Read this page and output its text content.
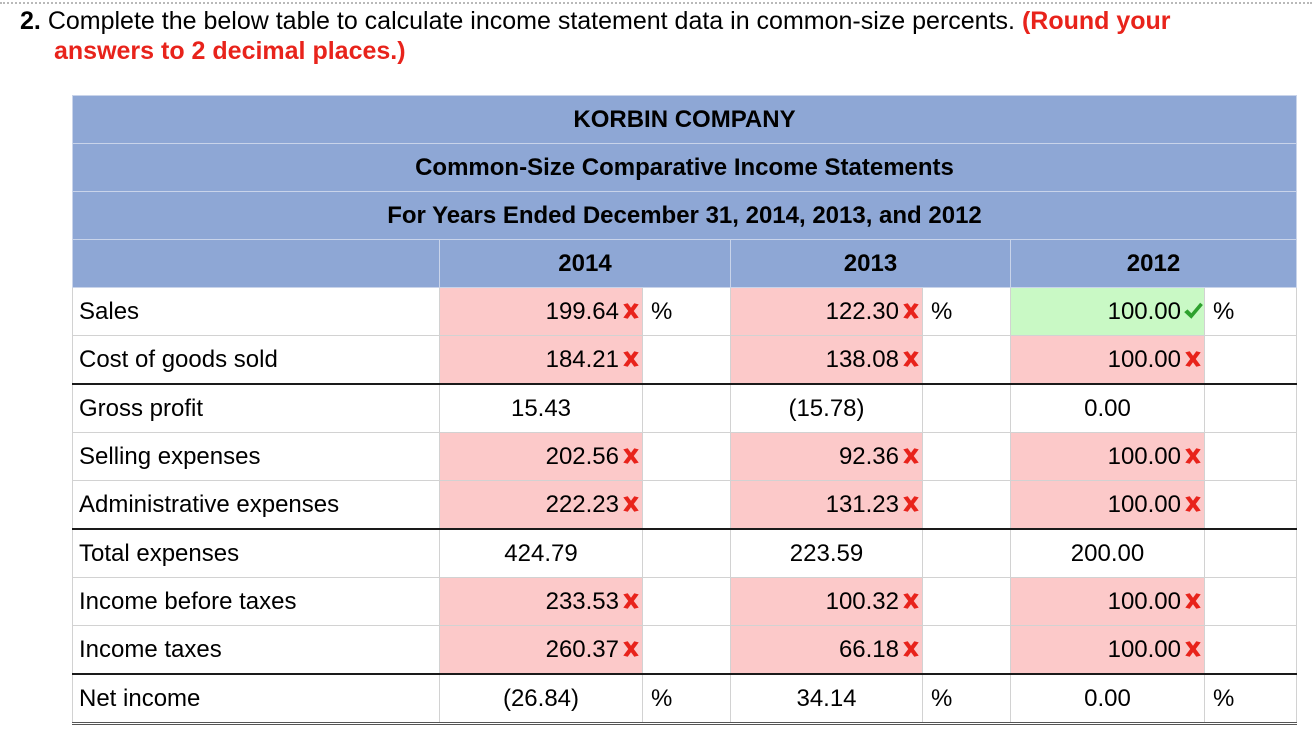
2. Complete the below table to calculate income statement data in common-size percents. (Round your
answers to 2 decimal places.)
KORBIN COMPANY						
Common-Size Comparative Income Statements						
For Years Ended December 31, 2014, 2013, and 2012						
	2014		2013		2012	
Sales	199.64	%	122.30	%	100.00	%
Cost of goods sold	184.21		138.08		100.00

Gross profit	15.43		(15.78)		0.00	
Selling expenses	202.56		92.36		100.00

Administrative expenses	222.23		131.23		100.00

Total expenses	424.79		223.59		200.00	
Income before taxes	233.53		100.32		100.00

Income taxes	260.37		66.18		100.00

Net income	(26.84)	%	34.14	%	0.00	%
